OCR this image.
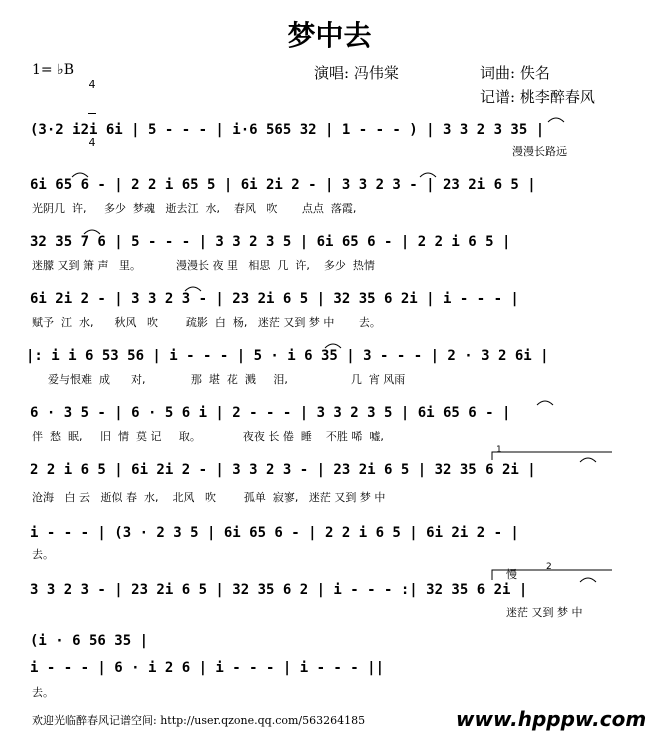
梦中去
1= ♭B

4

4

演唱: 冯伟棠	词曲: 佚名
记谱: 桃李醉春风
(3·2 i2i 6i | 5 - - - | i·6 565 32 | 1 - - - ) | 3 3 2 3 35 |
漫漫长路远
6i 65 6 - | 2 2 i 65 5 | 6i 2i 2 - | 3 3 2 3 - | 23 2i 6 5 |
光阴几  许,     多少  梦魂   逝去江  水,    春风   吹       点点  落霞,
32 35 7 6 | 5 - - - | 3 3 2 3 5 | 6i 65 6 - | 2 2 i 6 5 |
迷朦 又到 箫 声   里。          漫漫长 夜 里   相思  几  许,    多少  热情
6i 2i 2 - | 3 3 2 3 - | 23 2i 6 5 | 32 35 6 2i | i - - - |
赋予  江  水,      秋风   吹        疏影  白  杨,   迷茫 又到 梦 中       去。
|: i i 6 53 56 | i - - - | 5 · i 6 35 | 3 - - - | 2 · 3 2 6i |
爱与恨难  成      对,             那  堪  花  溅     泪,                  几  宵 风雨
6 · 3 5 - | 6 · 5 6 i | 2 - - - | 3 3 2 3 5 | 6i 65 6 - |
伴  愁  眠,     旧  情  莫 记     取。            夜夜 长 倦  睡    不胜 唏  嘘,
1
2 2 i 6 5 | 6i 2i 2 - | 3 3 2 3 - | 23 2i 6 5 | 32 35 6 2i |
沧海   白 云   逝似 春  水,    北风   吹        孤单  寂寥,   迷茫 又到 梦 中
i - - - | (3 · 2 3 5 | 6i 65 6 - | 2 2 i 6 5 | 6i 2i 2 - |
去。
慢
2
3 3 2 3 - | 23 2i 6 5 | 32 35 6 2 | i - - - :| 32 35 6 2i |
迷茫 又到 梦 中
(i · 6 56 35 |
i - - - | 6 · i 2 6 | i - - - | i - - - ||
去。
欢迎光临醉春风记谱空间: http://user.qzone.qq.com/563264185	www.hpppw.com
